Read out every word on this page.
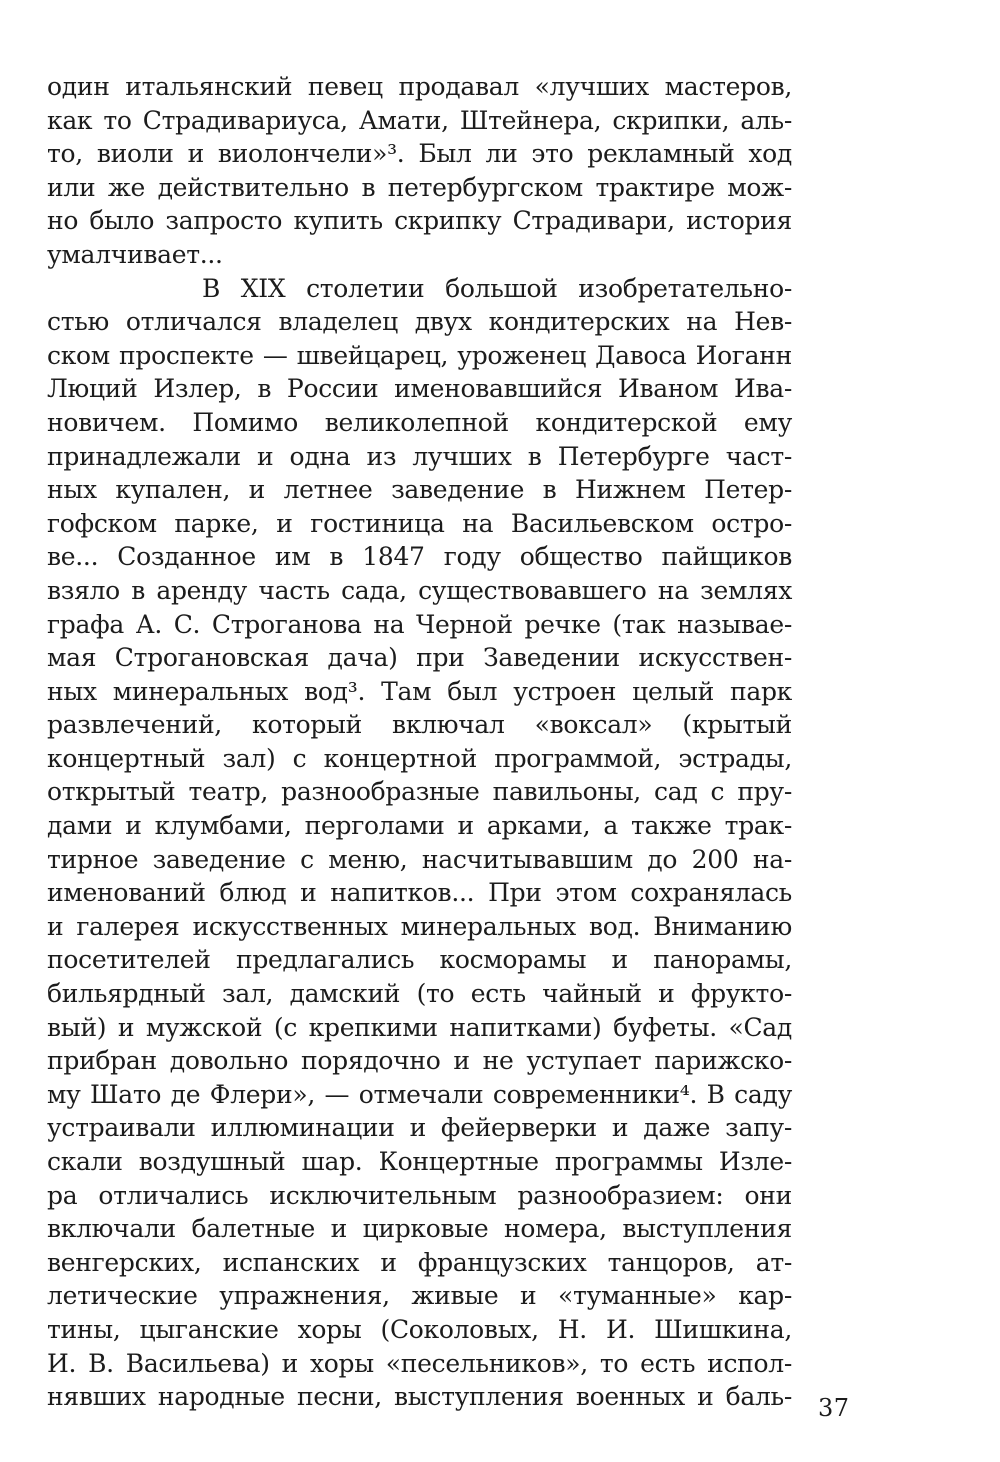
один итальянский певец продавал «лучших мастеров,
как то Страдивариуса, Амати, Штейнера, скрипки, аль-
то, виоли и виолончели»³. Был ли это рекламный ход
или же действительно в петербургском трактире мож-
но было запросто купить скрипку Страдивари, история
умалчивает...
В XIX столетии большой изобретательно-
стью отличался владелец двух кондитерских на Нев-
ском проспекте — швейцарец, уроженец Давоса Иоганн
Люций Излер, в России именовавшийся Иваном Ива-
новичем. Помимо великолепной кондитерской ему
принадлежали и одна из лучших в Петербурге част-
ных купален, и летнее заведение в Нижнем Петер-
гофском парке, и гостиница на Васильевском остро-
ве... Созданное им в 1847 году общество пайщиков
взяло в аренду часть сада, существовавшего на землях
графа А. С. Строганова на Черной речке (так называе-
мая Строгановская дача) при Заведении искусствен-
ных минеральных вод³. Там был устроен целый парк
развлечений, который включал «воксал» (крытый
концертный зал) с концертной программой, эстрады,
открытый театр, разнообразные павильоны, сад с пру-
дами и клумбами, перголами и арками, а также трак-
тирное заведение с меню, насчитывавшим до 200 на-
именований блюд и напитков... При этом сохранялась
и галерея искусственных минеральных вод. Вниманию
посетителей предлагались косморамы и панорамы,
бильярдный зал, дамский (то есть чайный и фрукто-
вый) и мужской (с крепкими напитками) буфеты. «Сад
прибран довольно порядочно и не уступает парижско-
му Шато де Флери», — отмечали современники⁴. В саду
устраивали иллюминации и фейерверки и даже запу-
скали воздушный шар. Концертные программы Изле-
ра отличались исключительным разнообразием: они
включали балетные и цирковые номера, выступления
венгерских, испанских и французских танцоров, ат-
летические упражнения, живые и «туманные» кар-
тины, цыганские хоры (Соколовых, Н. И. Шишкина,
И. В. Васильева) и хоры «песельников», то есть испол-
нявших народные песни, выступления военных и баль- 37
